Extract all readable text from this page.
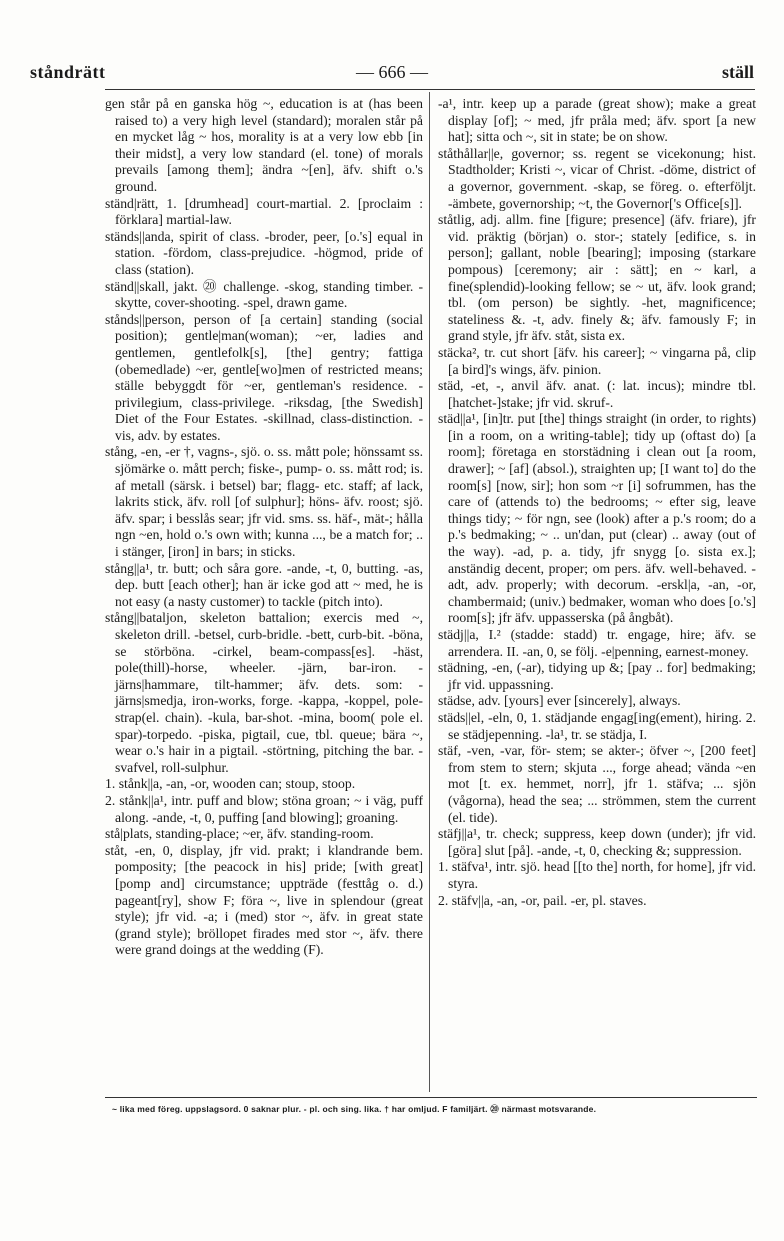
ståndrätt	— 666 —	ställ

gen står på en ganska hög ~, education is at (has been raised to) a very high level (standard); moralen står på en mycket låg ~ hos, morality is at a very low ebb [in their midst], a very low standard (el. tone) of morals prevails [among them]; ändra ~[en], äfv. shift o.'s ground.

ständ|rätt, 1. [drumhead] court-martial. 2. [proclaim : förklara] martial-law.

ständs||anda, spirit of class. -broder, peer, [o.'s] equal in station. -fördom, class-prejudice. -högmod, pride of class (station).

ständ||skall, jakt. ⑳ challenge. -skog, standing timber. -skytte, cover-shooting. -spel, drawn game.

stånds||person, person of [a certain] standing (social position); gentle|man(woman); ~er, ladies and gentlemen, gentlefolk[s], [the] gentry; fattiga (obemedlade) ~er, gentle[wo]men of restricted means; ställe bebyggdt för ~er, gentleman's residence. -privilegium, class-privilege. -riksdag, [the Swedish] Diet of the Four Estates. -skillnad, class-distinction. -vis, adv. by estates.

stång, -en, -er †, vagns-, sjö. o. ss. mått pole; hönssamt ss. sjömärke o. mått perch; fiske-, pump- o. ss. mått rod; is. af metall (särsk. i betsel) bar; flagg- etc. staff; af lack, lakrits stick, äfv. roll [of sulphur]; höns- äfv. roost; sjö. äfv. spar; i besslås sear; jfr vid. sms. ss. häf-, mät-; hålla ngn ~en, hold o.'s own with; kunna ..., be a match for; .. i stänger, [iron] in bars; in sticks.

stång||a¹, tr. butt; och såra gore. -ande, -t, 0, butting. -as, dep. butt [each other]; han är icke god att ~ med, he is not easy (a nasty customer) to tackle (pitch into).

stång||bataljon, skeleton battalion; exercis med ~, skeleton drill. -betsel, curb-bridle. -bett, curb-bit. -böna, se störböna. -cirkel, beam-compass[es]. -häst, pole(thill)-horse, wheeler. -järn, bar-iron. -järns|hammare, tilt-hammer; äfv. dets. som: -järns|smedja, iron-works, forge. -kappa, -koppel, pole-strap(el. chain). -kula, bar-shot. -mina, boom( pole el. spar)-torpedo. -piska, pigtail, cue, tbl. queue; bära ~, wear o.'s hair in a pigtail. -störtning, pitching the bar. -svafvel, roll-sulphur.

1. stånk||a, -an, -or, wooden can; stoup, stoop.

2. stånk||a¹, intr. puff and blow; stöna groan; ~ i väg, puff along. -ande, -t, 0, puffing [and blowing]; groaning.

stå|plats, standing-place; ~er, äfv. standing-room.

ståt, -en, 0, display, jfr vid. prakt; i klandrande bem. pomposity; [the peacock in his] pride; [with great] [pomp and] circumstance; uppträde (festtåg o. d.) pageant[ry], show F; föra ~, live in splendour (great style); jfr vid. -a; i (med) stor ~, äfv. in great state (grand style); bröllopet firades med stor ~, äfv. there were grand doings at the wedding (F).

-a¹, intr. keep up a parade (great show); make a great display [of]; ~ med, jfr pråla med; äfv. sport [a new hat]; sitta och ~, sit in state; be on show.

ståthållar||e, governor; ss. regent se vicekonung; hist. Stadtholder; Kristi ~, vicar of Christ. -döme, district of a governor, government. -skap, se föreg. o. efterföljt. -ämbete, governorship; ~t, the Governor['s Office[s]].

ståtlig, adj. allm. fine [figure; presence] (äfv. friare), jfr vid. präktig (början) o. stor-; stately [edifice, s. in person]; gallant, noble [bearing]; imposing (starkare pompous) [ceremony; air : sätt]; en ~ karl, a fine(splendid)-looking fellow; se ~ ut, äfv. look grand; tbl. (om person) be sightly. -het, magnificence; stateliness &. -t, adv. finely &; äfv. famously F; in grand style, jfr äfv. ståt, sista ex.

stäcka², tr. cut short [äfv. his career]; ~ vingarna på, clip [a bird]'s wings, äfv. pinion.

städ, -et, -, anvil äfv. anat. (: lat. incus); mindre tbl. [hatchet-]stake; jfr vid. skruf-.

städ||a¹, [in]tr. put [the] things straight (in order, to rights) [in a room, on a writing-table]; tidy up (oftast do) [a room]; företaga en storstädning i clean out [a room, drawer]; ~ [af] (absol.), straighten up; [I want to] do the room[s] [now, sir]; hon som ~r [i] sofrummen, has the care of (attends to) the bedrooms; ~ efter sig, leave things tidy; ~ för ngn, see (look) after a p.'s room; do a p.'s bedmaking; ~ .. un'dan, put (clear) .. away (out of the way). -ad, p. a. tidy, jfr snygg [o. sista ex.]; anständig decent, proper; om pers. äfv. well-behaved. -adt, adv. properly; with decorum. -erskl|a, -an, -or, chambermaid; (univ.) bedmaker, woman who does [o.'s] room[s]; jfr äfv. uppasserska (på ångbåt).

städj||a, I.² (stadde: stadd) tr. engage, hire; äfv. se arrendera. II. -an, 0, se följ. -e|penning, earnest-money.

städning, -en, (-ar), tidying up &; [pay .. for] bedmaking; jfr vid. uppassning.

städse, adv. [yours] ever [sincerely], always.

städs||el, -eln, 0, 1. städjande engag[ing(ement), hiring. 2. se städjepenning. -la¹, tr. se städja, I.

stäf, -ven, -var, för- stem; se akter-; öfver ~, [200 feet] from stem to stern; skjuta ..., forge ahead; vända ~en mot [t. ex. hemmet, norr], jfr 1. stäfva; ... sjön (vågorna), head the sea; ... strömmen, stem the current (el. tide).

stäfj||a¹, tr. check; suppress, keep down (under); jfr vid. [göra] slut [på]. -ande, -t, 0, checking &; suppression.

1. stäfva¹, intr. sjö. head [[to the] north, for home], jfr vid. styra.

2. stäfv||a, -an, -or, pail. -er, pl. staves.

~ lika med föreg. uppslagsord. 0 saknar plur. - pl. och sing. lika. † har omljud. F familjärt. ⑳ närmast motsvarande.
